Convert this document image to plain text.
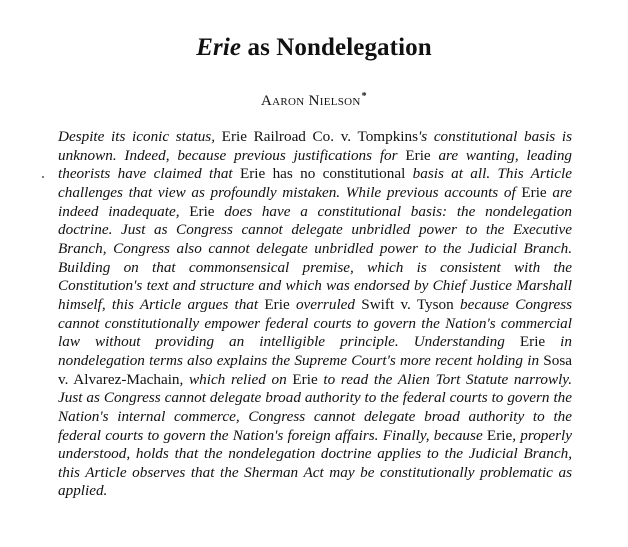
Erie as Nondelegation
Aaron Nielson*

Despite its iconic status, Erie Railroad Co. v. Tompkins's constitutional basis is unknown. Indeed, because previous justifications for Erie are wanting, leading theorists have claimed that Erie has no constitutional basis at all. This Article challenges that view as profoundly mistaken. While previous accounts of Erie are indeed inadequate, Erie does have a constitutional basis: the nondelegation doctrine. Just as Congress cannot delegate unbridled power to the Executive Branch, Congress also cannot delegate unbridled power to the Judicial Branch. Building on that commonsensical premise, which is consistent with the Constitution's text and structure and which was endorsed by Chief Justice Marshall himself, this Article argues that Erie overruled Swift v. Tyson because Congress cannot constitutionally empower federal courts to govern the Nation's commercial law without providing an intelligible principle. Understanding Erie in nondelegation terms also explains the Supreme Court's more recent holding in Sosa v. Alvarez-Machain, which relied on Erie to read the Alien Tort Statute narrowly. Just as Congress cannot delegate broad authority to the federal courts to govern the Nation's internal commerce, Congress cannot delegate broad authority to the federal courts to govern the Nation's foreign affairs. Finally, because Erie, properly understood, holds that the nondelegation doctrine applies to the Judicial Branch, this Article observes that the Sherman Act may be constitutionally problematic as applied.
